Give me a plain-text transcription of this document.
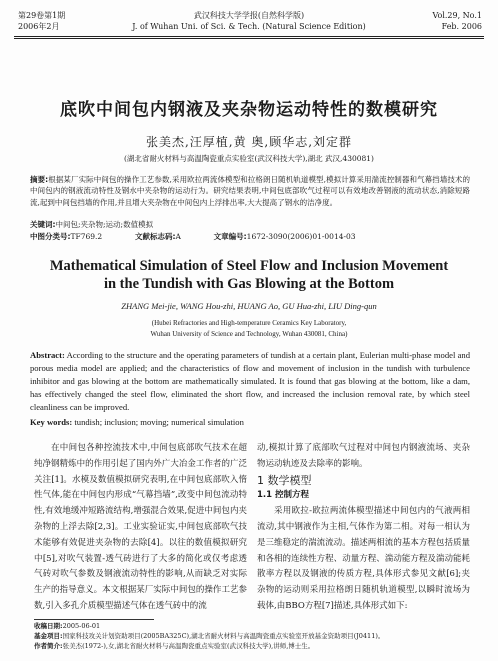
第29卷第1期
2006年2月
武汉科技大学学报(自然科学版)
J. of Wuhan Uni. of Sci. & Tech. (Natural Science Edition)
Vol.29, No.1
Feb. 2006
底吹中间包内钢液及夹杂物运动特性的数模研究
张美杰,汪厚植,黄 奥,顾华志,刘定群
(湖北省耐火材料与高温陶瓷重点实验室(武汉科技大学),湖北 武汉,430081)
摘要:根据某厂实际中间包的操作工艺参数,采用欧拉两流体模型和拉格朗日随机轨道模型,模拟计算采用湍流控制器和气幕挡墙技术的中间包内的钢液流动特性及钢水中夹杂物的运动行为。研究结果表明,中间包底部吹气过程可以有效地改善钢液的流动状态,消除短路流,起到中间包挡墙的作用,并且增大夹杂物在中间包内上浮排出率,大大提高了钢水的洁净度。
关键词:中间包;夹杂物;运动;数值模拟
中图分类号:TF769.2	文献标志码:A	文章编号:1672-3090(2006)01-0014-03
Mathematical Simulation of Steel Flow and Inclusion Movement
in the Tundish with Gas Blowing at the Bottom
ZHANG Mei-jie, WANG Hou-zhi, HUANG Ao, GU Hua-zhi, LIU Ding-qun
(Hubei Refractories and High-temperature Ceramics Key Laboratory,
Wuhan University of Science and Technology, Wuhan 430081, China)
Abstract: According to the structure and the operating parameters of tundish at a certain plant, Eulerian multi-phase model and porous media model are applied; and the characteristics of flow and movement of inclusion in the tundish with turbulence inhibitor and gas blowing at the bottom are mathematically simulated. It is found that gas blowing at the bottom, like a dam, has effectively changed the steel flow, eliminated the short flow, and increased the inclusion removal rate, by which steel cleanliness can be improved.
Key words: tundish; inclusion; moving; numerical simulation

在中间包各种控流技术中,中间包底部吹气技术在超纯净钢精炼中的作用引起了国内外广大冶金工作者的广泛关注[1]。水模及数值模拟研究表明,在中间包底部吹入惰性气体,能在中间包内形成“气幕挡墙”,改变中间包流动特性,有效地缓冲短路流结构,增强混合效果,促进中间包内夹杂物的上浮去除[2,3]。工业实验证实,中间包底部吹气技术能够有效促进夹杂物的去除[4]。以往的数值模拟研究中[5],对吹气装置-透气砖进行了大多的简化或仅考虑透气砖对吹气参数及钢液流动特性的影响,从而缺乏对实际生产的指导意义。本文根据某厂实际中间包的操作工艺参数,引入多孔介质模型描述气体在透气砖中的流

动,模拟计算了底部吹气过程对中间包内钢液流场、夹杂物运动轨迹及去除率的影响。

1 数学模型

1.1 控制方程

采用欧拉-欧拉两流体模型描述中间包内的气液两相流动,其中钢液作为主相,气体作为第二相。对每一相认为是三维稳定的湍流流动。描述两相流的基本方程包括质量和各相的连续性方程、动量方程、湍动能方程及湍动能耗散率方程以及钢液的传质方程,具体形式参见文献[6];夹杂物的运动则采用拉格朗日随机轨道模型,以瞬时流场为载体,由BBO方程[7]描述,具体形式如下:

收稿日期:2005-06-01
基金项目:国家科技攻关计划资助项目(2005BA325C),湖北省耐火材料与高温陶瓷重点实验室开放基金资助项目(J0411)。
作者简介:张美杰(1972-),女,湖北省耐火材料与高温陶瓷重点实验室(武汉科技大学),讲师,博士生。
